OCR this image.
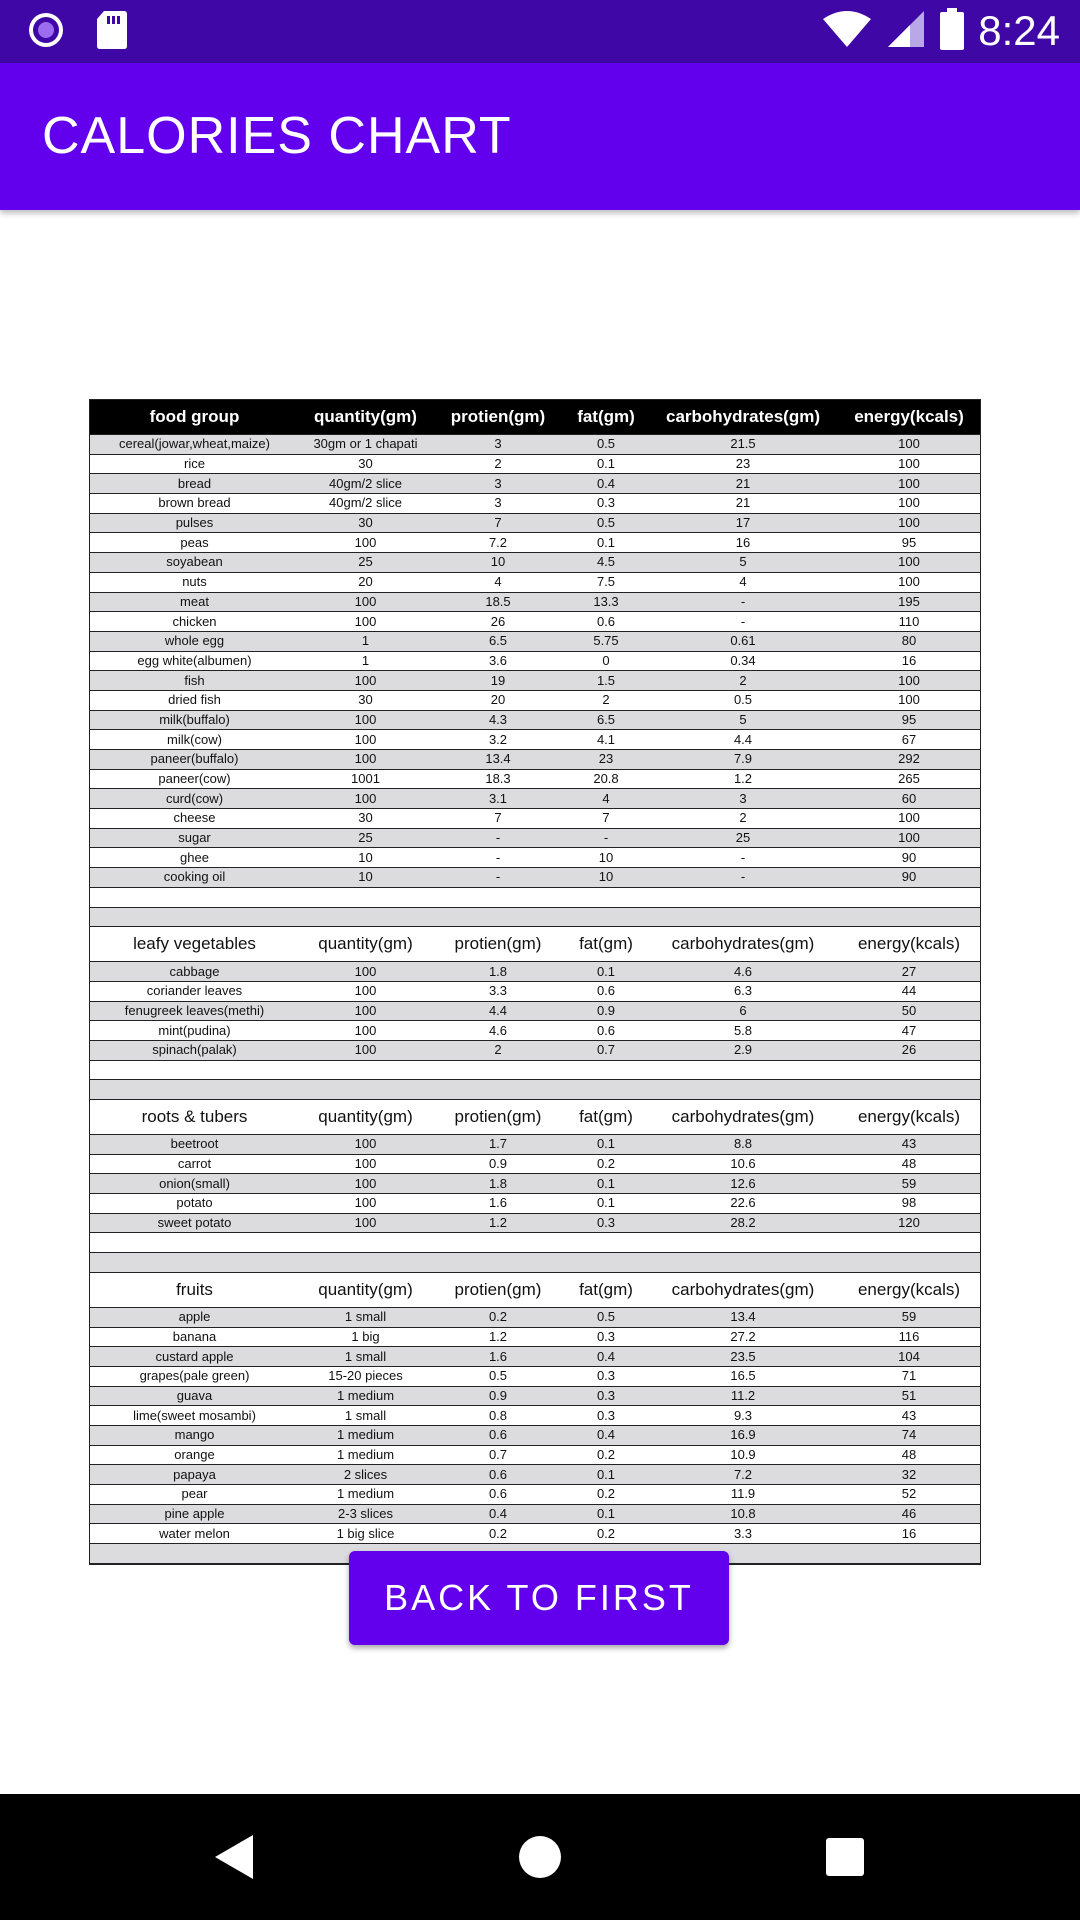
8:24
CALORIES CHART
food group	quantity(gm)	protien(gm)	fat(gm)	carbohydrates(gm)	energy(kcals)
cereal(jowar,wheat,maize)	30gm or 1 chapati	3	0.5	21.5	100
rice	30	2	0.1	23	100
bread	40gm/2 slice	3	0.4	21	100
brown bread	40gm/2 slice	3	0.3	21	100
pulses	30	7	0.5	17	100
peas	100	7.2	0.1	16	95
soyabean	25	10	4.5	5	100
nuts	20	4	7.5	4	100
meat	100	18.5	13.3	-	195
chicken	100	26	0.6	-	110
whole egg	1	6.5	5.75	0.61	80
egg white(albumen)	1	3.6	0	0.34	16
fish	100	19	1.5	2	100
dried fish	30	20	2	0.5	100
milk(buffalo)	100	4.3	6.5	5	95
milk(cow)	100	3.2	4.1	4.4	67
paneer(buffalo)	100	13.4	23	7.9	292
paneer(cow)	1001	18.3	20.8	1.2	265
curd(cow)	100	3.1	4	3	60
cheese	30	7	7	2	100
sugar	25	-	-	25	100
ghee	10	-	10	-	90
cooking oil	10	-	10	-	90

leafy vegetables	quantity(gm)	protien(gm)	fat(gm)	carbohydrates(gm)	energy(kcals)
cabbage	100	1.8	0.1	4.6	27
coriander leaves	100	3.3	0.6	6.3	44
fenugreek leaves(methi)	100	4.4	0.9	6	50
mint(pudina)	100	4.6	0.6	5.8	47
spinach(palak)	100	2	0.7	2.9	26

roots & tubers	quantity(gm)	protien(gm)	fat(gm)	carbohydrates(gm)	energy(kcals)
beetroot	100	1.7	0.1	8.8	43
carrot	100	0.9	0.2	10.6	48
onion(small)	100	1.8	0.1	12.6	59
potato	100	1.6	0.1	22.6	98
sweet potato	100	1.2	0.3	28.2	120

fruits	quantity(gm)	protien(gm)	fat(gm)	carbohydrates(gm)	energy(kcals)
apple	1 small	0.2	0.5	13.4	59
banana	1 big	1.2	0.3	27.2	116
custard apple	1 small	1.6	0.4	23.5	104
grapes(pale green)	15-20 pieces	0.5	0.3	16.5	71
guava	1 medium	0.9	0.3	11.2	51
lime(sweet mosambi)	1 small	0.8	0.3	9.3	43
mango	1 medium	0.6	0.4	16.9	74
orange	1 medium	0.7	0.2	10.9	48
papaya	2 slices	0.6	0.1	7.2	32
pear	1 medium	0.6	0.2	11.9	52
pine apple	2-3 slices	0.4	0.1	10.8	46
water melon	1 big slice	0.2	0.2	3.3	16

BACK TO FIRST
